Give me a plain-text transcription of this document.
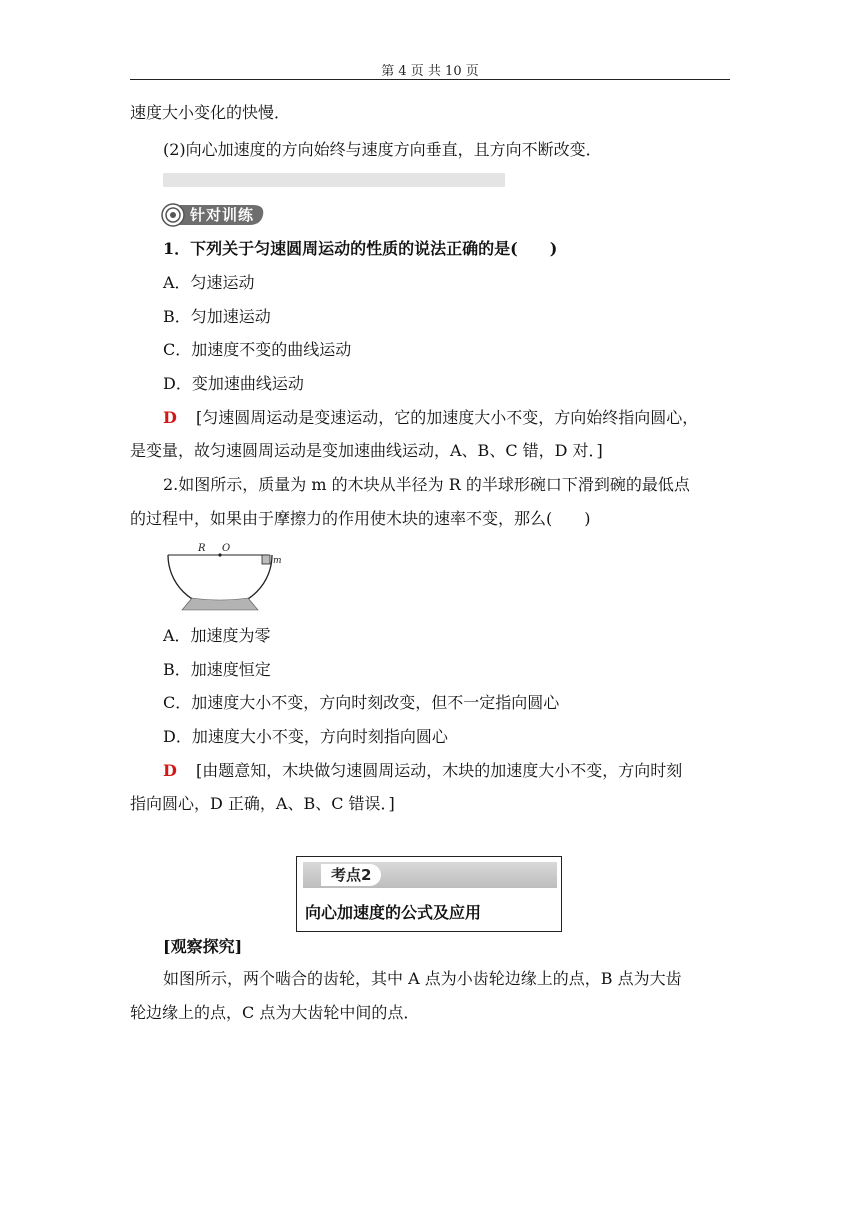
第 4 页 共 10 页
速度大小变化的快慢．
(2)向心加速度的方向始终与速度方向垂直，且方向不断改变．
针对训练
1．下列关于匀速圆周运动的性质的说法正确的是(　　)
A．匀速运动
B．匀加速运动
C．加速度不变的曲线运动
D．变加速曲线运动
D [匀速圆周运动是变速运动，它的加速度大小不变，方向始终指向圆心，
是变量，故匀速圆周运动是变加速曲线运动，A、B、C 错，D 对．]
2.如图所示，质量为 m 的木块从半径为 R 的半球形碗口下滑到碗的最低点
的过程中，如果由于摩擦力的作用使木块的速率不变，那么(　　)
R O
m
A．加速度为零
B．加速度恒定
C．加速度大小不变，方向时刻改变，但不一定指向圆心
D．加速度大小不变，方向时刻指向圆心
D [由题意知，木块做匀速圆周运动，木块的加速度大小不变，方向时刻
指向圆心，D 正确，A、B、C 错误．]
考点2
向心加速度的公式及应用
[观察探究]
如图所示，两个啮合的齿轮，其中 A 点为小齿轮边缘上的点，B 点为大齿
轮边缘上的点，C 点为大齿轮中间的点．
